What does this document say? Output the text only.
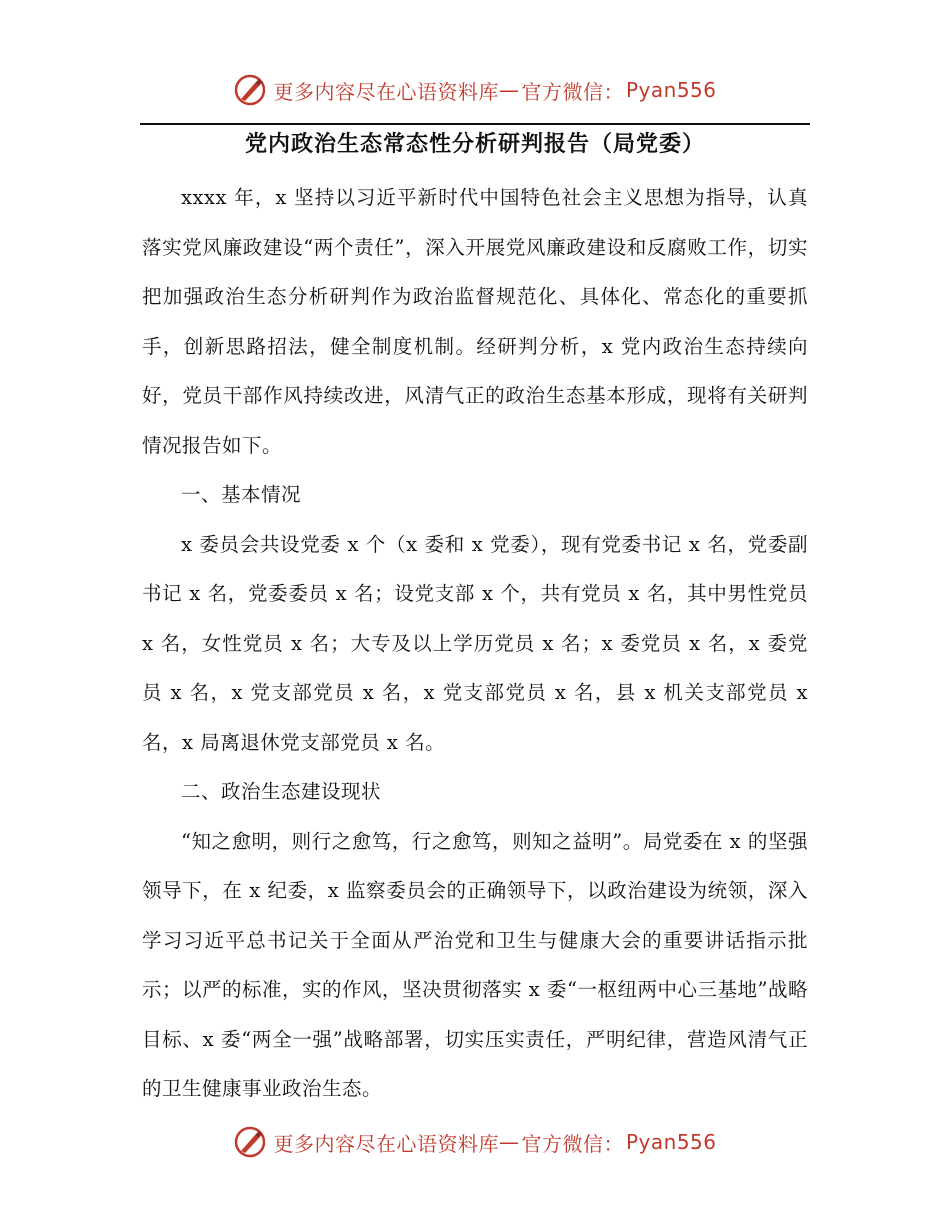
更多内容尽在心语资料库 — 官方微信： Pyan556
党内政治生态常态性分析研判报告（局党委）

xxxx 年，x 坚持以习近平新时代中国特色社会主义思想为指导，认真落实党风廉政建设“两个责任”，深入开展党风廉政建设和反腐败工作，切实把加强政治生态分析研判作为政治监督规范化、具体化、常态化的重要抓手，创新思路招法，健全制度机制。经研判分析，x 党内政治生态持续向好，党员干部作风持续改进，风清气正的政治生态基本形成，现将有关研判情况报告如下。

一、基本情况

x 委员会共设党委 x 个（x 委和 x 党委），现有党委书记 x 名，党委副书记 x 名，党委委员 x 名；设党支部 x 个，共有党员 x 名，其中男性党员 x 名，女性党员 x 名；大专及以上学历党员 x 名；x 委党员 x 名，x 委党员 x 名，x 党支部党员 x 名，x 党支部党员 x 名，县 x 机关支部党员 x 名，x 局离退休党支部党员 x 名。

二、政治生态建设现状

“知之愈明，则行之愈笃，行之愈笃，则知之益明”。局党委在 x 的坚强领导下，在 x 纪委，x 监察委员会的正确领导下，以政治建设为统领，深入学习习近平总书记关于全面从严治党和卫生与健康大会的重要讲话指示批示；以严的标准，实的作风，坚决贯彻落实 x 委“一枢纽两中心三基地”战略目标、x 委“两全一强”战略部署，切实压实责任，严明纪律，营造风清气正的卫生健康事业政治生态。

更多内容尽在心语资料库 — 官方微信： Pyan556
